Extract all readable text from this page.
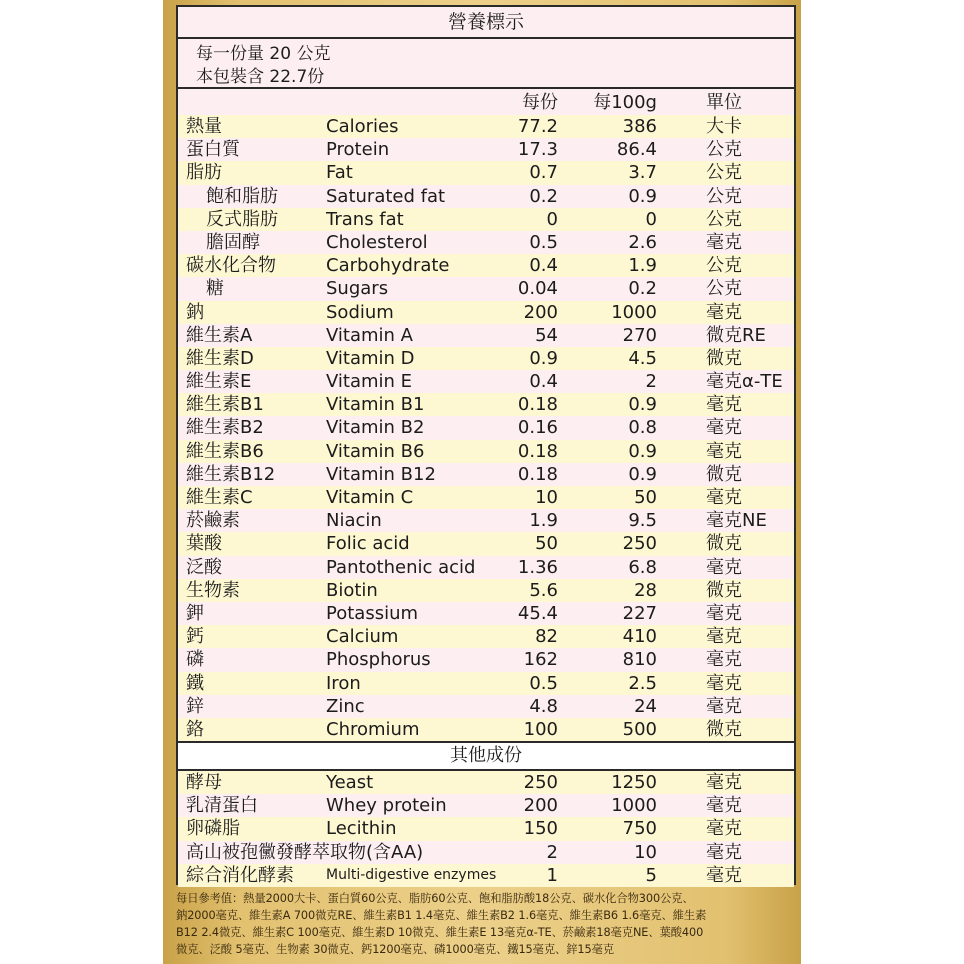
營養標示
每一份量 20 公克
本包裝含 22.7份
每份 每100g	單位
熱量	Calories	77.2	386	大卡
蛋白質	Protein	17.3	86.4	公克
脂肪	Fat	0.7	3.7	公克
飽和脂肪	Saturated fat	0.2	0.9	公克
反式脂肪	Trans fat	0	0	公克
膽固醇	Cholesterol	0.5	2.6	毫克
碳水化合物	Carbohydrate	0.4	1.9	公克
糖	Sugars	0.04	0.2	公克
鈉	Sodium	200	1000	毫克
維生素A	Vitamin A	54	270	微克RE
維生素D	Vitamin D	0.9	4.5	微克
維生素E	Vitamin E	0.4	2	毫克α-TE
維生素B1	Vitamin B1	0.18	0.9	毫克
維生素B2	Vitamin B2	0.16	0.8	毫克
維生素B6	Vitamin B6	0.18	0.9	毫克
維生素B12	Vitamin B12	0.18	0.9	微克
維生素C	Vitamin C	10	50	毫克
菸鹼素	Niacin	1.9	9.5	毫克NE
葉酸	Folic acid	50	250	微克
泛酸	Pantothenic acid 1.36	6.8	毫克
生物素	Biotin	5.6	28	微克
鉀	Potassium	45.4	227	毫克
鈣	Calcium	82	410	毫克
磷	Phosphorus	162	810	毫克
鐵	Iron	0.5	2.5	毫克
鋅	Zinc	4.8	24	毫克
鉻	Chromium	100	500	微克
其他成份
酵母	Yeast	250	1250	毫克
乳清蛋白	Whey protein	200	1000	毫克
卵磷脂	Lecithin	150	750	毫克
高山被孢黴發酵萃取物(含AA)	2	10	毫克
綜合消化酵素 Multi-digestive enzymes	1	5	毫克
每日參考值：熱量2000大卡、蛋白質60公克、脂肪60公克、飽和脂肪酸18公克、碳水化合物300公克、
鈉2000毫克、維生素A 700微克RE、維生素B1 1.4毫克、維生素B2 1.6毫克、維生素B6 1.6毫克、維生素
B12 2.4微克、維生素C 100毫克、維生素D 10微克、維生素E 13毫克α-TE、菸鹼素18毫克NE、葉酸400
微克、泛酸 5毫克、生物素 30微克、鈣1200毫克、磷1000毫克、鐵15毫克、鋅15毫克
